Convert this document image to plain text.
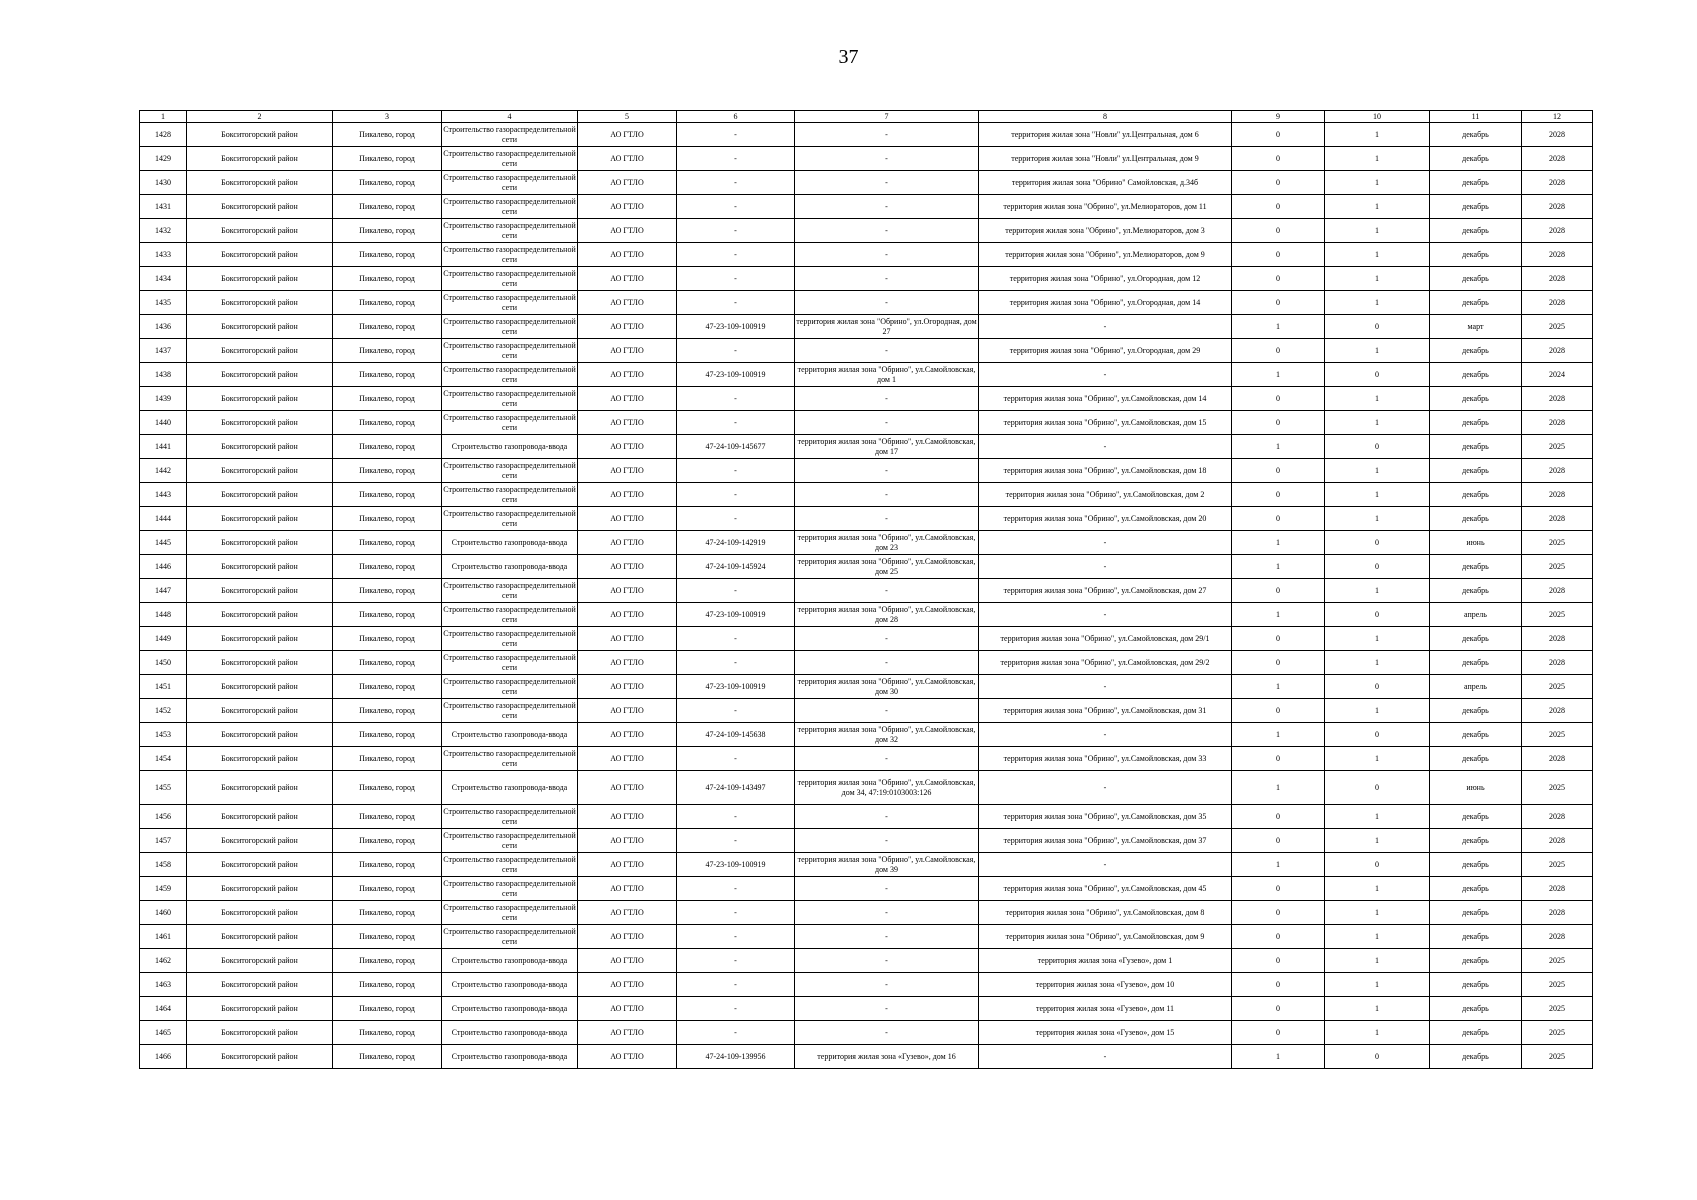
37
1	2	3	4	5	6	7	8	9	10	11	12
1428	Бокситогорский район	Пикалево, город	Строительство газораспределительной сети	АО ГТЛО	-	-	территория жилая зона "Новли" ул.Центральная, дом 6	0	1	декабрь	2028
1429	Бокситогорский район	Пикалево, город	Строительство газораспределительной сети	АО ГТЛО	-	-	территория жилая зона "Новли" ул.Центральная, дом 9	0	1	декабрь	2028
1430	Бокситогорский район	Пикалево, город	Строительство газораспределительной сети	АО ГТЛО	-	-	территория жилая зона "Обрино" Самойловская, д.34б	0	1	декабрь	2028
1431	Бокситогорский район	Пикалево, город	Строительство газораспределительной сети	АО ГТЛО	-	-	территория жилая зона "Обрино", ул.Мелиораторов, дом 11	0	1	декабрь	2028
1432	Бокситогорский район	Пикалево, город	Строительство газораспределительной сети	АО ГТЛО	-	-	территория жилая зона "Обрино", ул.Мелиораторов, дом 3	0	1	декабрь	2028
1433	Бокситогорский район	Пикалево, город	Строительство газораспределительной сети	АО ГТЛО	-	-	территория жилая зона "Обрино", ул.Мелиораторов, дом 9	0	1	декабрь	2028
1434	Бокситогорский район	Пикалево, город	Строительство газораспределительной сети	АО ГТЛО	-	-	территория жилая зона "Обрино", ул.Огородная, дом 12	0	1	декабрь	2028
1435	Бокситогорский район	Пикалево, город	Строительство газораспределительной сети	АО ГТЛО	-	-	территория жилая зона "Обрино", ул.Огородная, дом 14	0	1	декабрь	2028
1436	Бокситогорский район	Пикалево, город	Строительство газораспределительной сети	АО ГТЛО	47-23-109-100919	территория жилая зона "Обрино", ул.Огородная, дом 27	-	1	0	март	2025
1437	Бокситогорский район	Пикалево, город	Строительство газораспределительной сети	АО ГТЛО	-	-	территория жилая зона "Обрино", ул.Огородная, дом 29	0	1	декабрь	2028
1438	Бокситогорский район	Пикалево, город	Строительство газораспределительной сети	АО ГТЛО	47-23-109-100919	территория жилая зона "Обрино", ул.Самойловская, дом 1	-	1	0	декабрь	2024
1439	Бокситогорский район	Пикалево, город	Строительство газораспределительной сети	АО ГТЛО	-	-	территория жилая зона "Обрино", ул.Самойловская, дом 14	0	1	декабрь	2028
1440	Бокситогорский район	Пикалево, город	Строительство газораспределительной сети	АО ГТЛО	-	-	территория жилая зона "Обрино", ул.Самойловская, дом 15	0	1	декабрь	2028
1441	Бокситогорский район	Пикалево, город	Строительство газопровода-ввода	АО ГТЛО	47-24-109-145677	территория жилая зона "Обрино", ул.Самойловская, дом 17	-	1	0	декабрь	2025
1442	Бокситогорский район	Пикалево, город	Строительство газораспределительной сети	АО ГТЛО	-	-	территория жилая зона "Обрино", ул.Самойловская, дом 18	0	1	декабрь	2028
1443	Бокситогорский район	Пикалево, город	Строительство газораспределительной сети	АО ГТЛО	-	-	территория жилая зона "Обрино", ул.Самойловская, дом 2	0	1	декабрь	2028
1444	Бокситогорский район	Пикалево, город	Строительство газораспределительной сети	АО ГТЛО	-	-	территория жилая зона "Обрино", ул.Самойловская, дом 20	0	1	декабрь	2028
1445	Бокситогорский район	Пикалево, город	Строительство газопровода-ввода	АО ГТЛО	47-24-109-142919	территория жилая зона "Обрино", ул.Самойловская, дом 23	-	1	0	июнь	2025
1446	Бокситогорский район	Пикалево, город	Строительство газопровода-ввода	АО ГТЛО	47-24-109-145924	территория жилая зона "Обрино", ул.Самойловская, дом 25	-	1	0	декабрь	2025
1447	Бокситогорский район	Пикалево, город	Строительство газораспределительной сети	АО ГТЛО	-	-	территория жилая зона "Обрино", ул.Самойловская, дом 27	0	1	декабрь	2028
1448	Бокситогорский район	Пикалево, город	Строительство газораспределительной сети	АО ГТЛО	47-23-109-100919	территория жилая зона "Обрино", ул.Самойловская, дом 28	-	1	0	апрель	2025
1449	Бокситогорский район	Пикалево, город	Строительство газораспределительной сети	АО ГТЛО	-	-	территория жилая зона "Обрино", ул.Самойловская, дом 29/1	0	1	декабрь	2028
1450	Бокситогорский район	Пикалево, город	Строительство газораспределительной сети	АО ГТЛО	-	-	территория жилая зона "Обрино", ул.Самойловская, дом 29/2	0	1	декабрь	2028
1451	Бокситогорский район	Пикалево, город	Строительство газораспределительной сети	АО ГТЛО	47-23-109-100919	территория жилая зона "Обрино", ул.Самойловская, дом 30	-	1	0	апрель	2025
1452	Бокситогорский район	Пикалево, город	Строительство газораспределительной сети	АО ГТЛО	-	-	территория жилая зона "Обрино", ул.Самойловская, дом 31	0	1	декабрь	2028
1453	Бокситогорский район	Пикалево, город	Строительство газопровода-ввода	АО ГТЛО	47-24-109-145638	территория жилая зона "Обрино", ул.Самойловская, дом 32	-	1	0	декабрь	2025
1454	Бокситогорский район	Пикалево, город	Строительство газораспределительной сети	АО ГТЛО	-	-	территория жилая зона "Обрино", ул.Самойловская, дом 33	0	1	декабрь	2028
1455	Бокситогорский район	Пикалево, город	Строительство газопровода-ввода	АО ГТЛО	47-24-109-143497	территория жилая зона "Обрино", ул.Самойловская, дом 34, 47:19:0103003:126	-	1	0	июнь	2025
1456	Бокситогорский район	Пикалево, город	Строительство газораспределительной сети	АО ГТЛО	-	-	территория жилая зона "Обрино", ул.Самойловская, дом 35	0	1	декабрь	2028
1457	Бокситогорский район	Пикалево, город	Строительство газораспределительной сети	АО ГТЛО	-	-	территория жилая зона "Обрино", ул.Самойловская, дом 37	0	1	декабрь	2028
1458	Бокситогорский район	Пикалево, город	Строительство газораспределительной сети	АО ГТЛО	47-23-109-100919	территория жилая зона "Обрино", ул.Самойловская, дом 39	-	1	0	декабрь	2025
1459	Бокситогорский район	Пикалево, город	Строительство газораспределительной сети	АО ГТЛО	-	-	территория жилая зона "Обрино", ул.Самойловская, дом 45	0	1	декабрь	2028
1460	Бокситогорский район	Пикалево, город	Строительство газораспределительной сети	АО ГТЛО	-	-	территория жилая зона "Обрино", ул.Самойловская, дом 8	0	1	декабрь	2028
1461	Бокситогорский район	Пикалево, город	Строительство газораспределительной сети	АО ГТЛО	-	-	территория жилая зона "Обрино", ул.Самойловская, дом 9	0	1	декабрь	2028
1462	Бокситогорский район	Пикалево, город	Строительство газопровода-ввода	АО ГТЛО	-	-	территория жилая зона «Гузево», дом 1	0	1	декабрь	2025
1463	Бокситогорский район	Пикалево, город	Строительство газопровода-ввода	АО ГТЛО	-	-	территория жилая зона «Гузево», дом 10	0	1	декабрь	2025
1464	Бокситогорский район	Пикалево, город	Строительство газопровода-ввода	АО ГТЛО	-	-	территория жилая зона «Гузево», дом 11	0	1	декабрь	2025
1465	Бокситогорский район	Пикалево, город	Строительство газопровода-ввода	АО ГТЛО	-	-	территория жилая зона «Гузево», дом 15	0	1	декабрь	2025
1466	Бокситогорский район	Пикалево, город	Строительство газопровода-ввода	АО ГТЛО	47-24-109-139956	территория жилая зона «Гузево», дом 16	-	1	0	декабрь	2025
